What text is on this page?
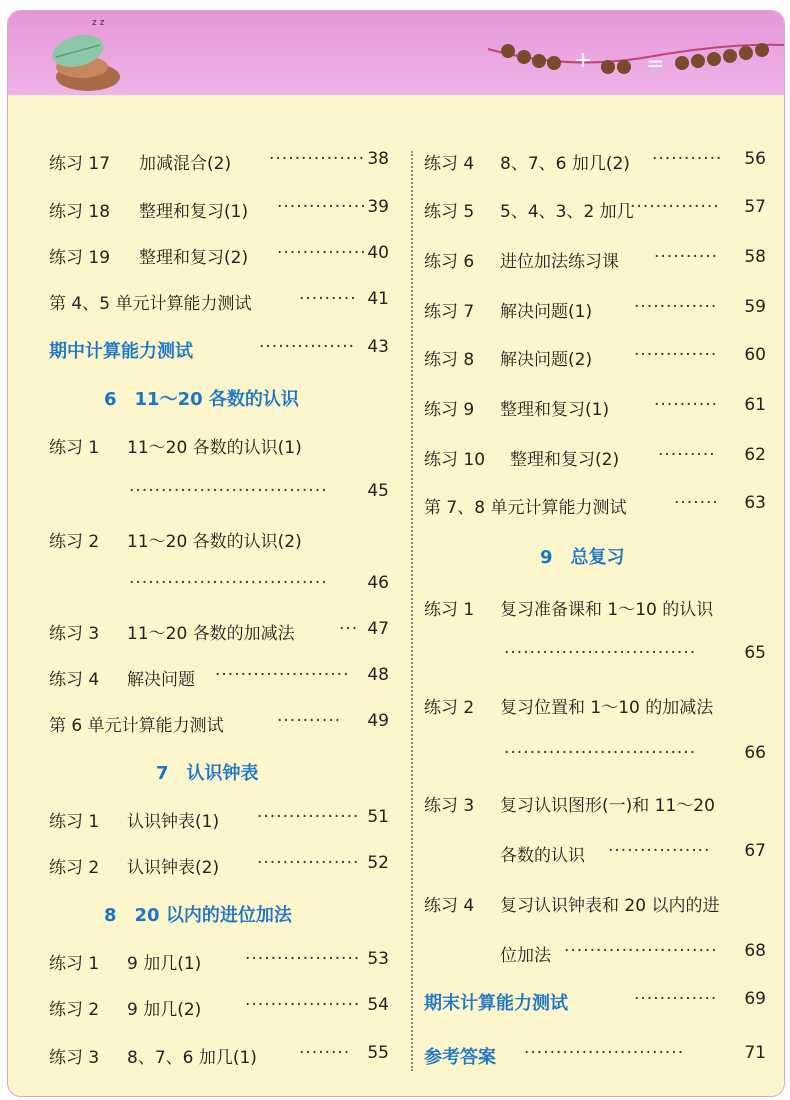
z z
+ =
练习 17 加减混合(2) ··············· 38
练习 18 整理和复习(1) ·············· 39
练习 19 整理和复习(2) ·············· 40
第 4、5 单元计算能力测试	········· 41
期中计算能力测试	··············· 43
6　11～20 各数的认识
练习 1 11～20 各数的认识(1)
·······························	45
练习 2 11～20 各数的认识(2)
·······························	46
练习 3 11～20 各数的加减法	··· 47
练习 4 解决问题 ·····················	48
第 6 单元计算能力测试	··········	49
7　认识钟表
练习 1 认识钟表(1) ················ 51
练习 2 认识钟表(2) ················ 52
8　20 以内的进位加法
练习 1 9 加几(1)	·················· 53
练习 2 9 加几(2)	·················· 54
练习 3 8、7、6 加几(1) ········	55
练习 4 8、7、6 加几(2) ···········	56
练习 5 5、4、3、2 加几
··············	57
练习 6 进位加法练习课 ··········	58
练习 7 解决问题(1) ·············	59
练习 8 解决问题(2) ·············	60
练习 9 整理和复习(1)	··········	61
练习 10 整理和复习(2) ·········	62
第 7、8 单元计算能力测试	·······	63
9　总复习
练习 1 复习准备课和 1～10 的认识
······························	65
练习 2 复习位置和 1～10 的加减法
······························	66
练习 3 复习认识图形(一)和 11～20
各数的认识 ················	67
练习 4 复习认识钟表和 20 以内的进
位加法 ························	68
期末计算能力测试	·············	69
参考答案 ·························	71
